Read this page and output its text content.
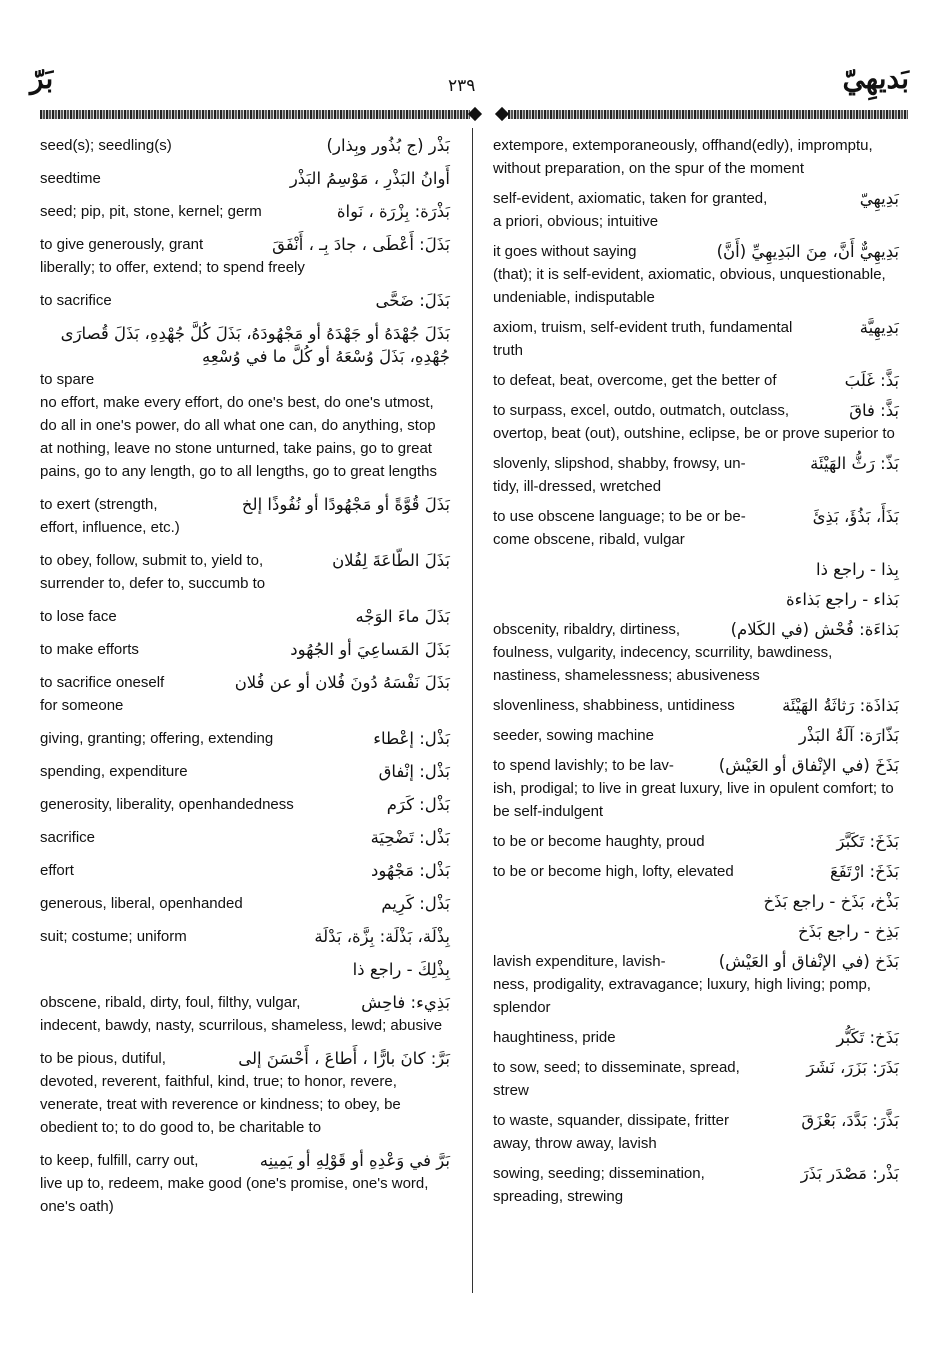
بَرّ	٢٣٩	بَديهِيّ
بَذْر (ج بُذُور وبِذار)
seed(s); seedling(s)
أَوانُ البَذْرِ ، مَوْسِمُ البَذْر
seedtime
بَذْرَة: بِزْرَة ، نَواة
seed; pip, pit, stone, kernel; germ
بَذَلَ: أَعْطَى ، جادَ بِـ ، أَنْفَقَ
to give generously, grant
liberally; to offer, extend; to spend freely
بَذَلَ: ضَحَّى
to sacrifice
بَذَلَ جُهْدَهُ أو جَهْدَهُ أو مَجْهُودَهُ، بَذَلَ كُلَّ جُهْدِهِ، بَذَلَ قُصارَى جُهْدِهِ، بَذَلَ وُسْعَهُ أو كُلَّ ما في وُسْعِهِ
to spare
no effort, make every effort, do one's best, do one's utmost, do all in one's power, do all what one can, do anything, stop at nothing, leave no stone unturned, take pains, go to great pains, go to any length, go to all lengths, go to great lengths
بَذَلَ قُوَّةً أو مَجْهُودًا أو نُفُوذًا إلخ
to exert (strength,
effort, influence, etc.)
بَذَلَ الطّاعَةَ لِفُلان
to obey, follow, submit to, yield to,
surrender to, defer to, succumb to
بَذَلَ ماءَ الوَجْه
to lose face
بَذَلَ المَساعِيَ أو الجُهُود
to make efforts
بَذَلَ نَفْسَهُ دُونَ فُلان أو عن فُلان
to sacrifice oneself
for someone
بَذْل: إعْطاء
giving, granting; offering, extending
بَذْل: إنْفاق
spending, expenditure
بَذْل: كَرَم
generosity, liberality, openhandedness
بَذْل: تَضْحِيَة
sacrifice
بَذْل: مَجْهُود
effort
بَذْل: كَرِيم
generous, liberal, openhanded
بِذْلَة، بَذْلَة: بِزَّة، بَدْلَة
suit; costume; uniform
بِذْلِكَ - راجع ذا
بَذِيء: فاحِش
obscene, ribald, dirty, foul, filthy, vulgar,
indecent, bawdy, nasty, scurrilous, shameless, lewd; abusive
بَرَّ: كانَ بارًّا ، أَطاعَ ، أَحْسَنَ إلى
to be pious, dutiful,
devoted, reverent, faithful, kind, true; to honor, revere, venerate, treat with reverence or kindness; to obey, be obedient to; to do good to, be charitable to
بَرَّ في وَعْدِهِ أو قَوْلِهِ أو يَمِينِه
to keep, fulfill, carry out,
live up to, redeem, make good (one's promise, one's word, one's oath)
extempore, extemporaneously, offhand(edly), impromptu, without preparation, on the spur of the moment
بَدِيهِيّ
self-evident, axiomatic, taken for granted,
a priori, obvious; intuitive
بَدِيهِيٌّ أَنَّ، مِنَ البَدِيهِيِّ (أَنَّ)
it goes without saying
(that); it is self-evident, axiomatic, obvious, unquestionable, undeniable, indisputable
بَدِيهِيَّة
axiom, truism, self-evident truth, fundamental
truth
بَذَّ: غَلَبَ
to defeat, beat, overcome, get the better of
بَذَّ: فاقَ
to surpass, excel, outdo, outmatch, outclass,
overtop, beat (out), outshine, eclipse, be or prove superior to
بَذّ: رَثُّ الهَيْئَة
slovenly, slipshod, shabby, frowsy, un-
tidy, ill-dressed, wretched
بَذَأَ، بَذُؤَ، بَذِئَ
to use obscene language; to be or be-
come obscene, ribald, vulgar
بِذا - راجع ذا
بَذاء - راجع بَذاءة
بَذاءَة: فُحْش (في الكَلام)
obscenity, ribaldry, dirtiness,
foulness, vulgarity, indecency, scurrility, bawdiness, nastiness, shamelessness; abusiveness
بَذاذَة: رَثاثَةُ الهَيْئَة
slovenliness, shabbiness, untidiness
بَذّارَة: آلَةُ البَذْر
seeder, sowing machine
بَذَخَ (في الإنْفاق أو العَيْش)
to spend lavishly; to be lav-
ish, prodigal; to live in great luxury, live in opulent comfort; to be self-indulgent
بَذَخَ: تَكَبَّرَ
to be or become haughty, proud
بَذَخَ: ارْتَفَعَ
to be or become high, lofty, elevated
بَذْخ، بَذَخ - راجع بَذَخ
بَذِخ - راجع بَذَخ
بَذَخ (في الإنْفاق أو العَيْش)
lavish expenditure, lavish-
ness, prodigality, extravagance; luxury, high living; pomp, splendor
بَذَخ: تَكَبُّر
haughtiness, pride
بَذَرَ: بَزَرَ، نَشَرَ
to sow, seed; to disseminate, spread,
strew
بَذَّرَ: بَدَّدَ، بَعْزَقَ
to waste, squander, dissipate, fritter
away, throw away, lavish
بَذْر: مَصْدَر بَذَرَ
sowing, seeding; dissemination,
spreading, strewing
